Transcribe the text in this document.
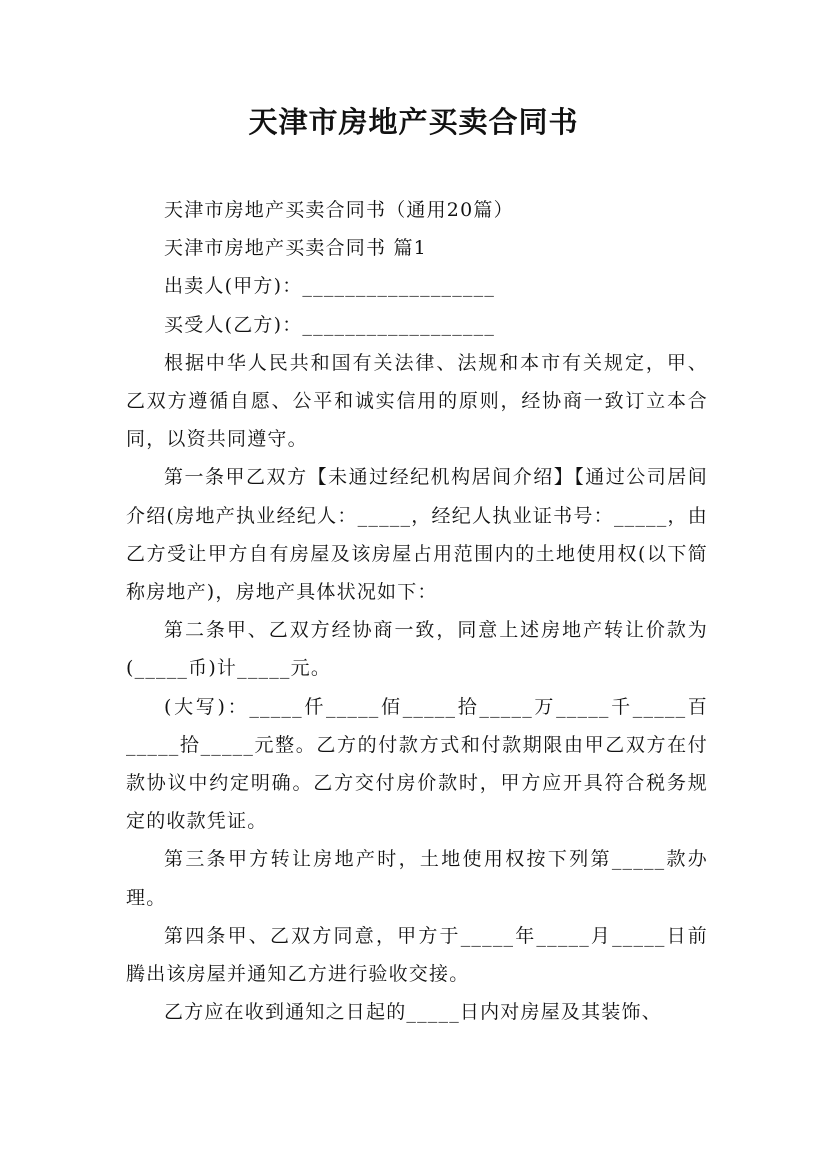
天津市房地产买卖合同书

天津市房地产买卖合同书（通用20篇）

天津市房地产买卖合同书 篇1

出卖人(甲方)：__________________

买受人(乙方)：__________________

根据中华人民共和国有关法律、法规和本市有关规定，甲、乙双方遵循自愿、公平和诚实信用的原则，经协商一致订立本合同，以资共同遵守。

第一条甲乙双方【未通过经纪机构居间介绍】【通过公司居间介绍(房地产执业经纪人：_____，经纪人执业证书号：_____，由乙方受让甲方自有房屋及该房屋占用范围内的土地使用权(以下简称房地产)，房地产具体状况如下：

第二条甲、乙双方经协商一致，同意上述房地产转让价款为(_____币)计_____元。

(大写)：_____仟_____佰_____拾_____万_____千_____百_____拾_____元整。乙方的付款方式和付款期限由甲乙双方在付款协议中约定明确。乙方交付房价款时，甲方应开具符合税务规定的收款凭证。

第三条甲方转让房地产时，土地使用权按下列第_____款办理。

第四条甲、乙双方同意，甲方于_____年_____月_____日前腾出该房屋并通知乙方进行验收交接。

乙方应在收到通知之日起的_____日内对房屋及其装饰、
